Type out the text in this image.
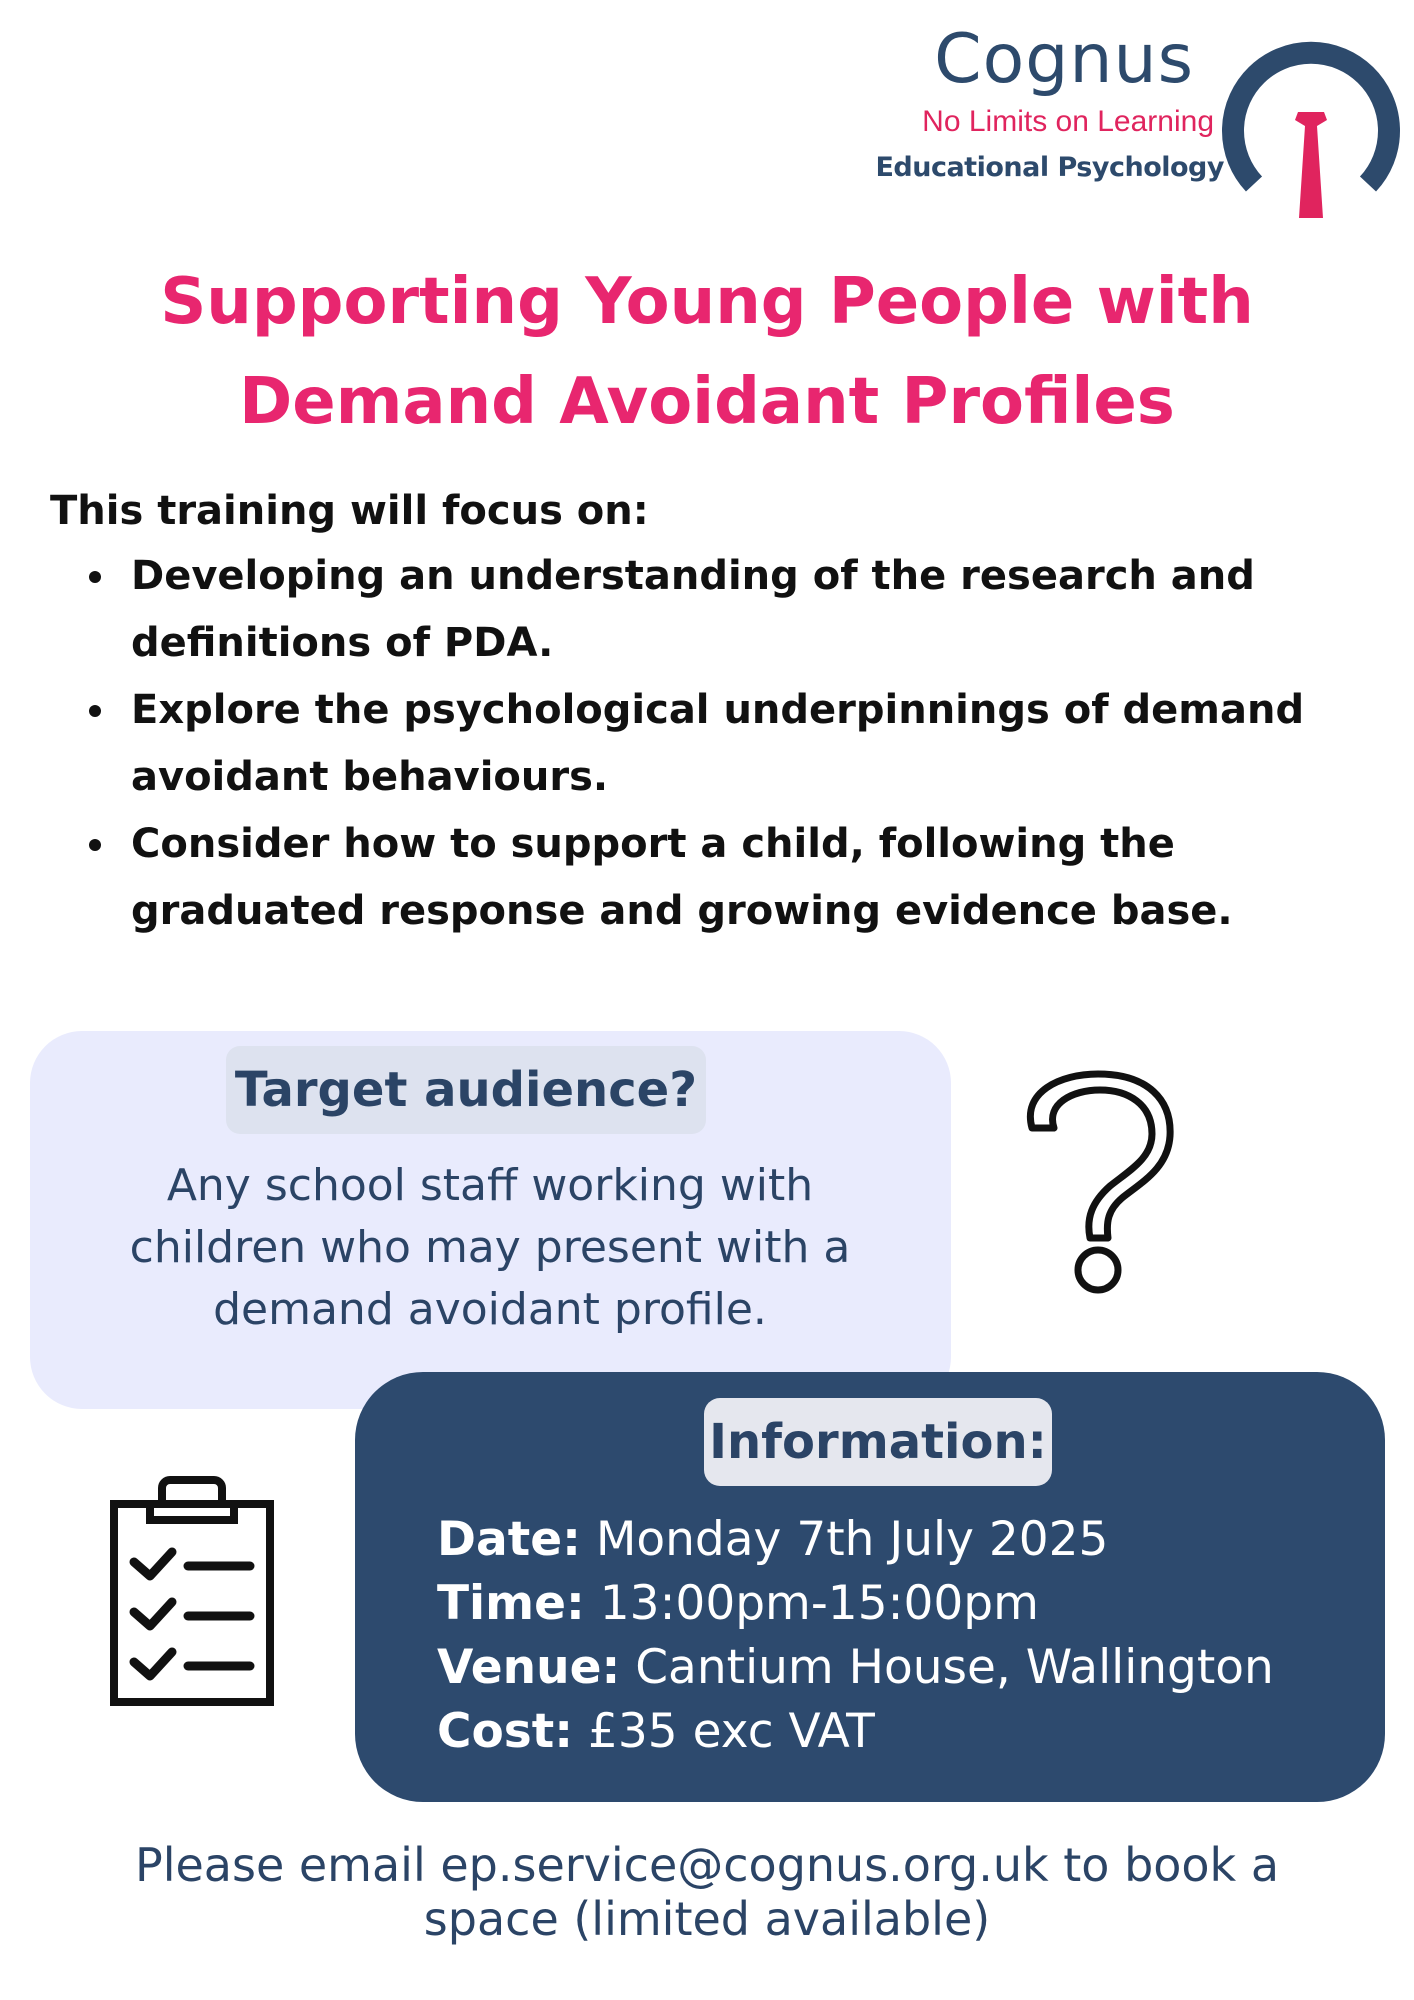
Cognus
No Limits on Learning
Educational Psychology
Supporting Young People with
Demand Avoidant Profiles
This training will focus on:
Developing an understanding of the research and
definitions of PDA.
Explore the psychological underpinnings of demand
avoidant behaviours.
Consider how to support a child, following the
graduated response and growing evidence base.
Target audience?
Any school staff working with
children who may present with a
demand avoidant profile.
Information:
Date: Monday 7th July 2025
Time: 13:00pm-15:00pm
Venue: Cantium House, Wallington
Cost: £35 exc VAT
Please email ep.service@cognus.org.uk to book a
space (limited available)
